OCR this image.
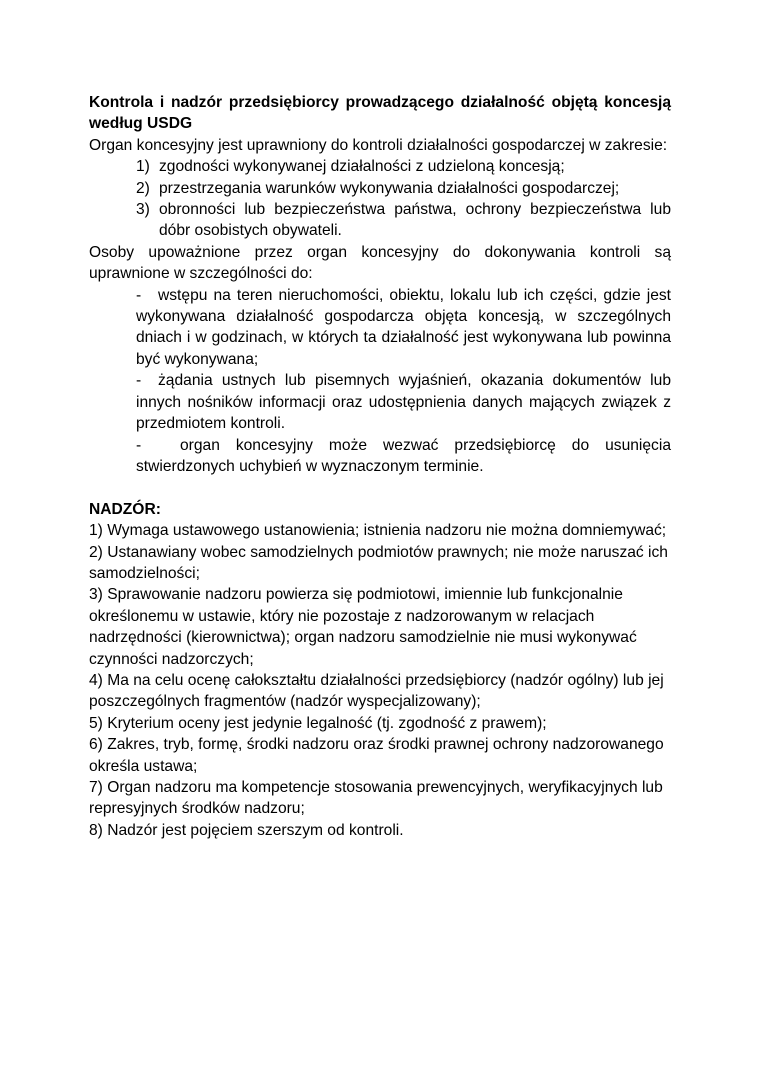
Kontrola i nadzór przedsiębiorcy prowadzącego działalność objętą koncesją według USDG

Organ koncesyjny jest uprawniony do kontroli działalności gospodarczej w zakresie:

1) zgodności wykonywanej działalności z udzieloną koncesją;
2) przestrzegania warunków wykonywania działalności gospodarczej;
3) obronności lub bezpieczeństwa państwa, ochrony bezpieczeństwa lub dóbr osobistych obywateli.

Osoby upoważnione przez organ koncesyjny do dokonywania kontroli są uprawnione w szczególności do:

- wstępu na teren nieruchomości, obiektu, lokalu lub ich części, gdzie jest wykonywana działalność gospodarcza objęta koncesją, w szczególnych dniach i w godzinach, w których ta działalność jest wykonywana lub powinna być wykonywana;
- żądania ustnych lub pisemnych wyjaśnień, okazania dokumentów lub innych nośników informacji oraz udostępnienia danych mających związek z przedmiotem kontroli.
- organ koncesyjny może wezwać przedsiębiorcę do usunięcia stwierdzonych uchybień w wyznaczonym terminie.

NADZÓR:

1) Wymaga ustawowego ustanowienia; istnienia nadzoru nie można domniemywać;
2) Ustanawiany wobec samodzielnych podmiotów prawnych; nie może naruszać ich samodzielności;
3) Sprawowanie nadzoru powierza się podmiotowi, imiennie lub funkcjonalnie określonemu w ustawie, który nie pozostaje z nadzorowanym w relacjach nadrzędności (kierownictwa); organ nadzoru samodzielnie nie musi wykonywać czynności nadzorczych;
4) Ma na celu ocenę całokształtu działalności przedsiębiorcy (nadzór ogólny) lub jej poszczególnych fragmentów (nadzór wyspecjalizowany);
5) Kryterium oceny jest jedynie legalność (tj. zgodność z prawem);
6) Zakres, tryb, formę, środki nadzoru oraz środki prawnej ochrony nadzorowanego określa ustawa;
7) Organ nadzoru ma kompetencje stosowania prewencyjnych, weryfikacyjnych lub represyjnych środków nadzoru;
8) Nadzór jest pojęciem szerszym od kontroli.
